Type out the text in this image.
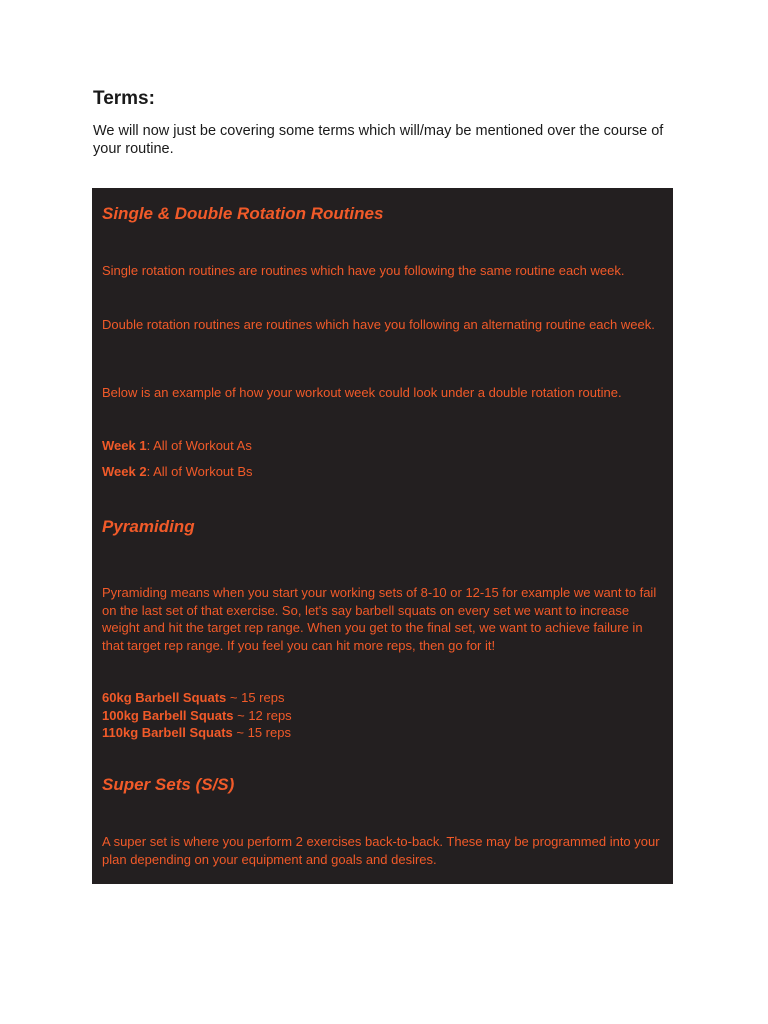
Terms:
We will now just be covering some terms which will/may be mentioned over the course of your routine.
Single & Double Rotation Routines
Single rotation routines are routines which have you following the same routine each week.
Double rotation routines are routines which have you following an alternating routine each week.
Below is an example of how your workout week could look under a double rotation routine.
Week 1: All of Workout As
Week 2: All of Workout Bs
Pyramiding
Pyramiding means when you start your working sets of 8-10 or 12-15 for example we want to fail on the last set of that exercise. So, let's say barbell squats on every set we want to increase weight and hit the target rep range. When you get to the final set, we want to achieve failure in that target rep range. If you feel you can hit more reps, then go for it!
60kg Barbell Squats ~ 15 reps
100kg Barbell Squats ~ 12 reps
110kg Barbell Squats ~ 15 reps
Super Sets (S/S)
A super set is where you perform 2 exercises back-to-back. These may be programmed into your plan depending on your equipment and goals and desires.
